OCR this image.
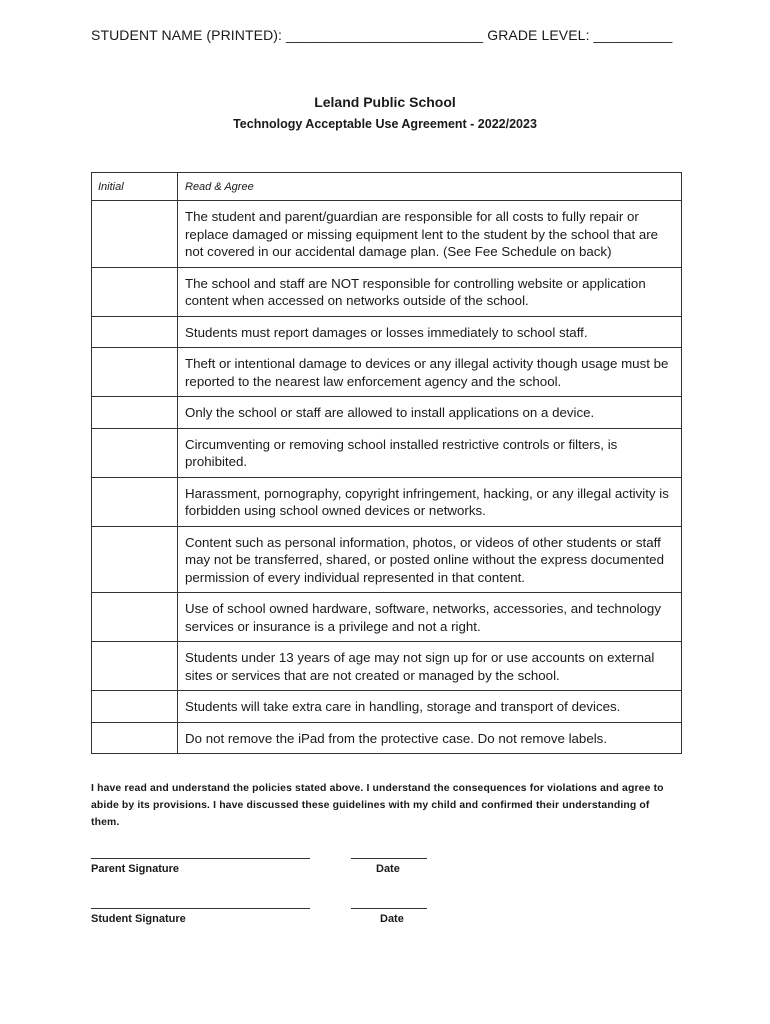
STUDENT NAME (PRINTED): _________________________ GRADE LEVEL: __________
Leland Public School
Technology Acceptable Use Agreement - 2022/2023
Initial	Read & Agree
	The student and parent/guardian are responsible for all costs to fully repair or replace damaged or missing equipment lent to the student by the school that are not covered in our accidental damage plan. (See Fee Schedule on back)
	The school and staff are NOT responsible for controlling website or application content when accessed on networks outside of the school.
	Students must report damages or losses immediately to school staff.
	Theft or intentional damage to devices or any illegal activity though usage must be reported to the nearest law enforcement agency and the school.
	Only the school or staff are allowed to install applications on a device.
	Circumventing or removing school installed restrictive controls or filters, is prohibited.
	Harassment, pornography, copyright infringement, hacking, or any illegal activity is forbidden using school owned devices or networks.
	Content such as personal information, photos, or videos of other students or staff may not be transferred, shared, or posted online without the express documented permission of every individual represented in that content.
	Use of school owned hardware, software, networks, accessories, and technology services or insurance is a privilege and not a right.
	Students under 13 years of age may not sign up for or use accounts on external sites or services that are not created or managed by the school.
	Students will take extra care in handling, storage and transport of devices.
	Do not remove the iPad from the protective case. Do not remove labels.
I have read and understand the policies stated above. I understand the consequences for violations and agree to abide by its provisions. I have discussed these guidelines with my child and confirmed their understanding of them.
Parent Signature	Date
Student Signature	Date
